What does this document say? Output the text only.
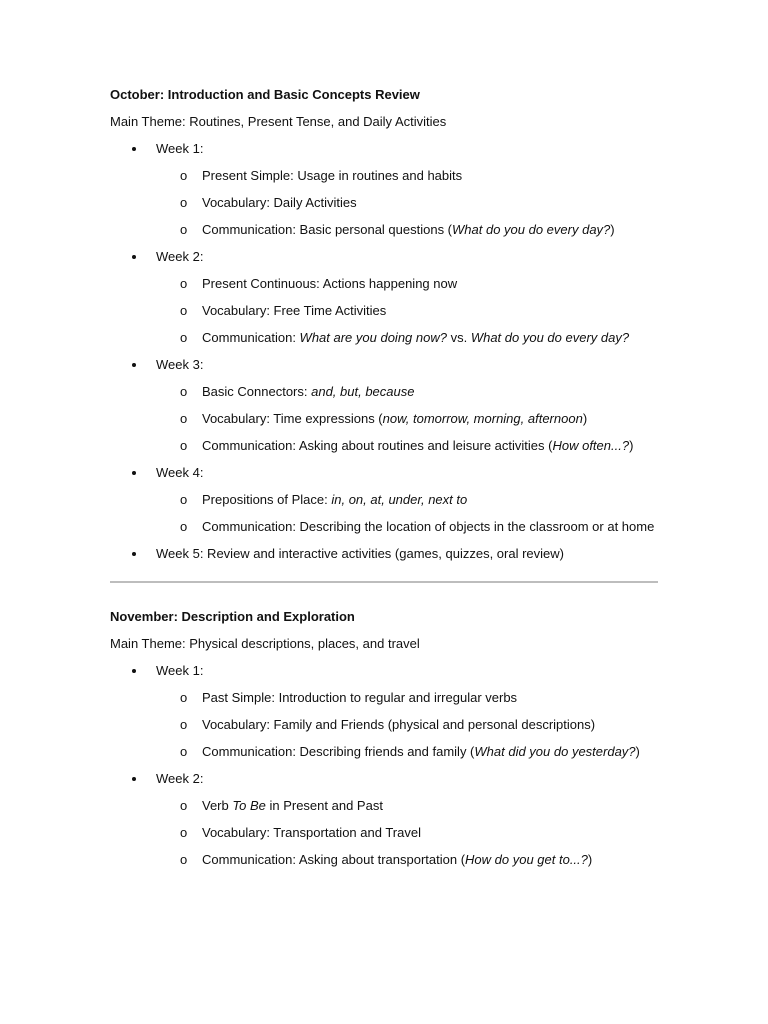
October: Introduction and Basic Concepts Review

Main Theme: Routines, Present Tense, and Daily Activities

Week 1:
o Present Simple: Usage in routines and habits
o Vocabulary: Daily Activities
o Communication: Basic personal questions (What do you do every day?)
Week 2:
o Present Continuous: Actions happening now
o Vocabulary: Free Time Activities
o Communication: What are you doing now? vs. What do you do every day?
Week 3:
o Basic Connectors: and, but, because
o Vocabulary: Time expressions (now, tomorrow, morning, afternoon)
o Communication: Asking about routines and leisure activities (How often...?)
Week 4:
o Prepositions of Place: in, on, at, under, next to
o Communication: Describing the location of objects in the classroom or at home
Week 5: Review and interactive activities (games, quizzes, oral review)

November: Description and Exploration

Main Theme: Physical descriptions, places, and travel

Week 1:
o Past Simple: Introduction to regular and irregular verbs
o Vocabulary: Family and Friends (physical and personal descriptions)
o Communication: Describing friends and family (What did you do yesterday?)
Week 2:
o Verb To Be in Present and Past
o Vocabulary: Transportation and Travel
o Communication: Asking about transportation (How do you get to...?)
